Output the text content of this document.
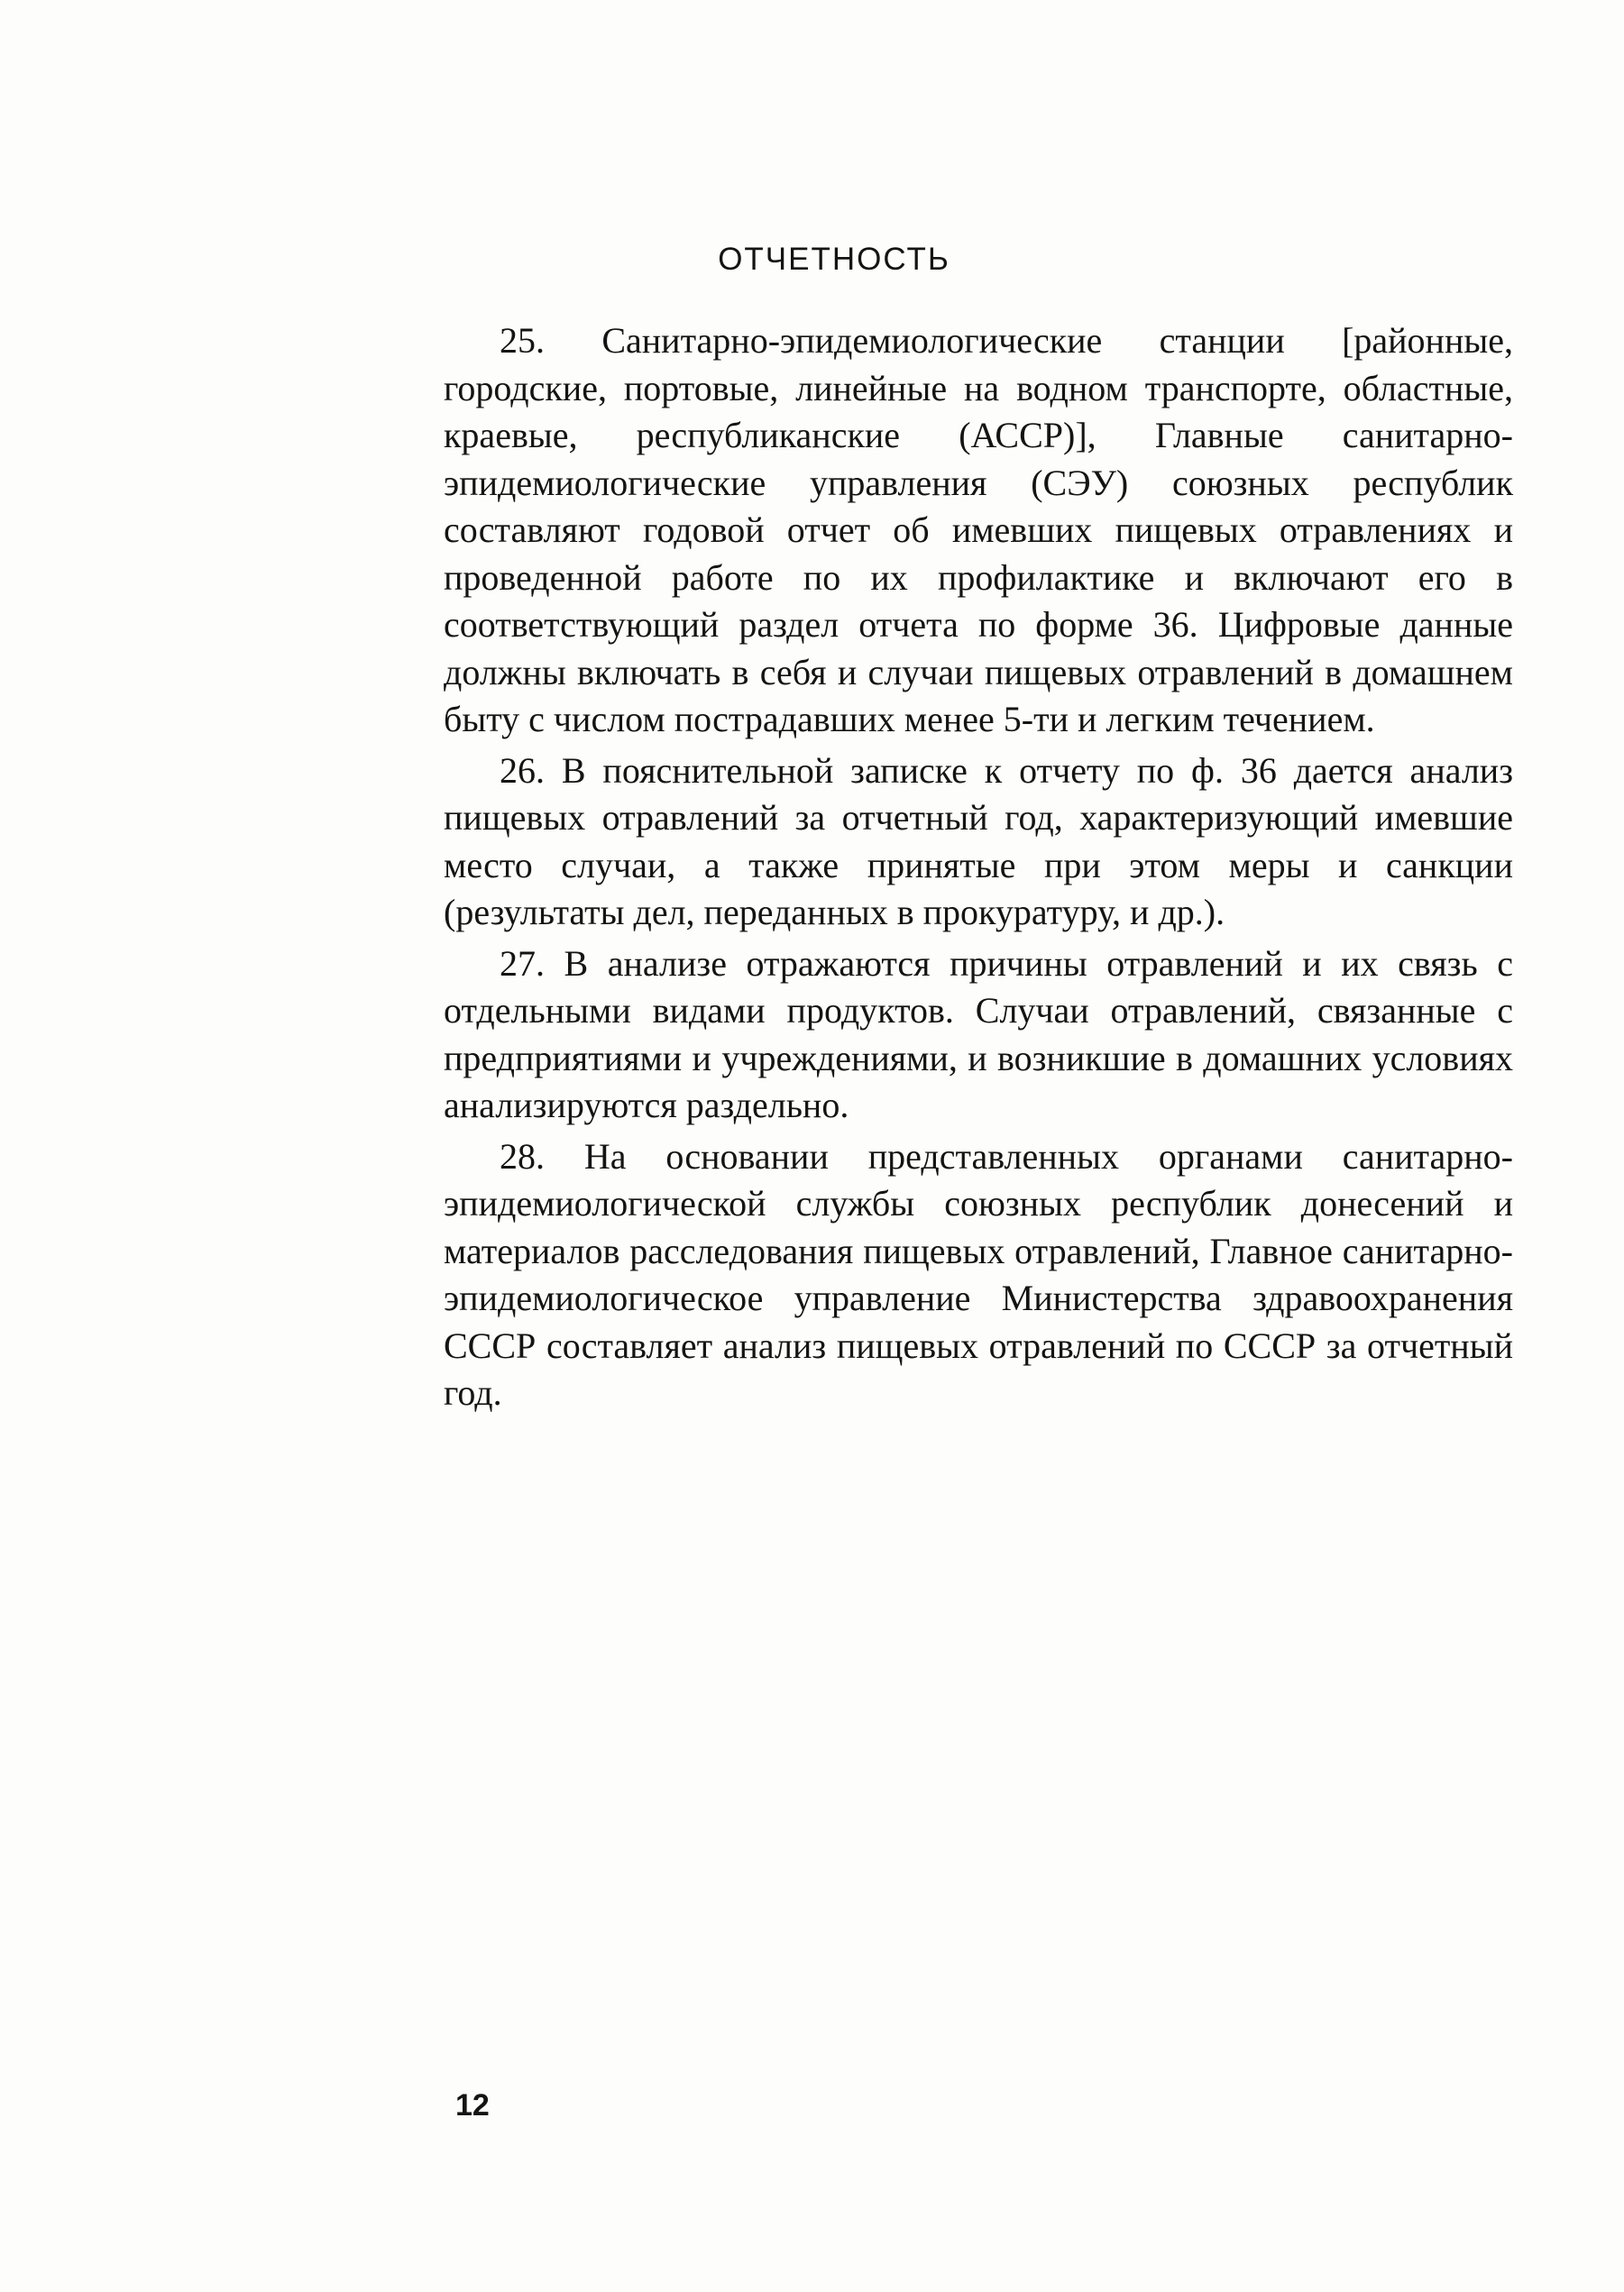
ОТЧЕТНОСТЬ

25. Санитарно-эпидемиологические станции [районные, городские, портовые, линейные на водном транспорте, областные, краевые, республиканские (АССР)], Главные санитарно-эпидемиологические управления (СЭУ) союзных республик составляют годовой отчет об имевших пищевых отравлениях и проведенной работе по их профилактике и включают его в соответствующий раздел отчета по форме 36. Цифровые данные должны включать в себя и случаи пищевых отравлений в домашнем быту с числом пострадавших менее 5-ти и легким течением.

26. В пояснительной записке к отчету по ф. 36 дается анализ пищевых отравлений за отчетный год, характеризующий имевшие место случаи, а также принятые при этом меры и санкции (результаты дел, переданных в прокуратуру, и др.).

27. В анализе отражаются причины отравлений и их связь с отдельными видами продуктов. Случаи отравлений, связанные с предприятиями и учреждениями, и возникшие в домашних условиях анализируются раздельно.

28. На основании представленных органами санитарно-эпидемиологической службы союзных республик донесений и материалов расследования пищевых отравлений, Главное санитарно-эпидемиологическое управление Министерства здравоохранения СССР составляет анализ пищевых отравлений по СССР за отчетный год.

12
